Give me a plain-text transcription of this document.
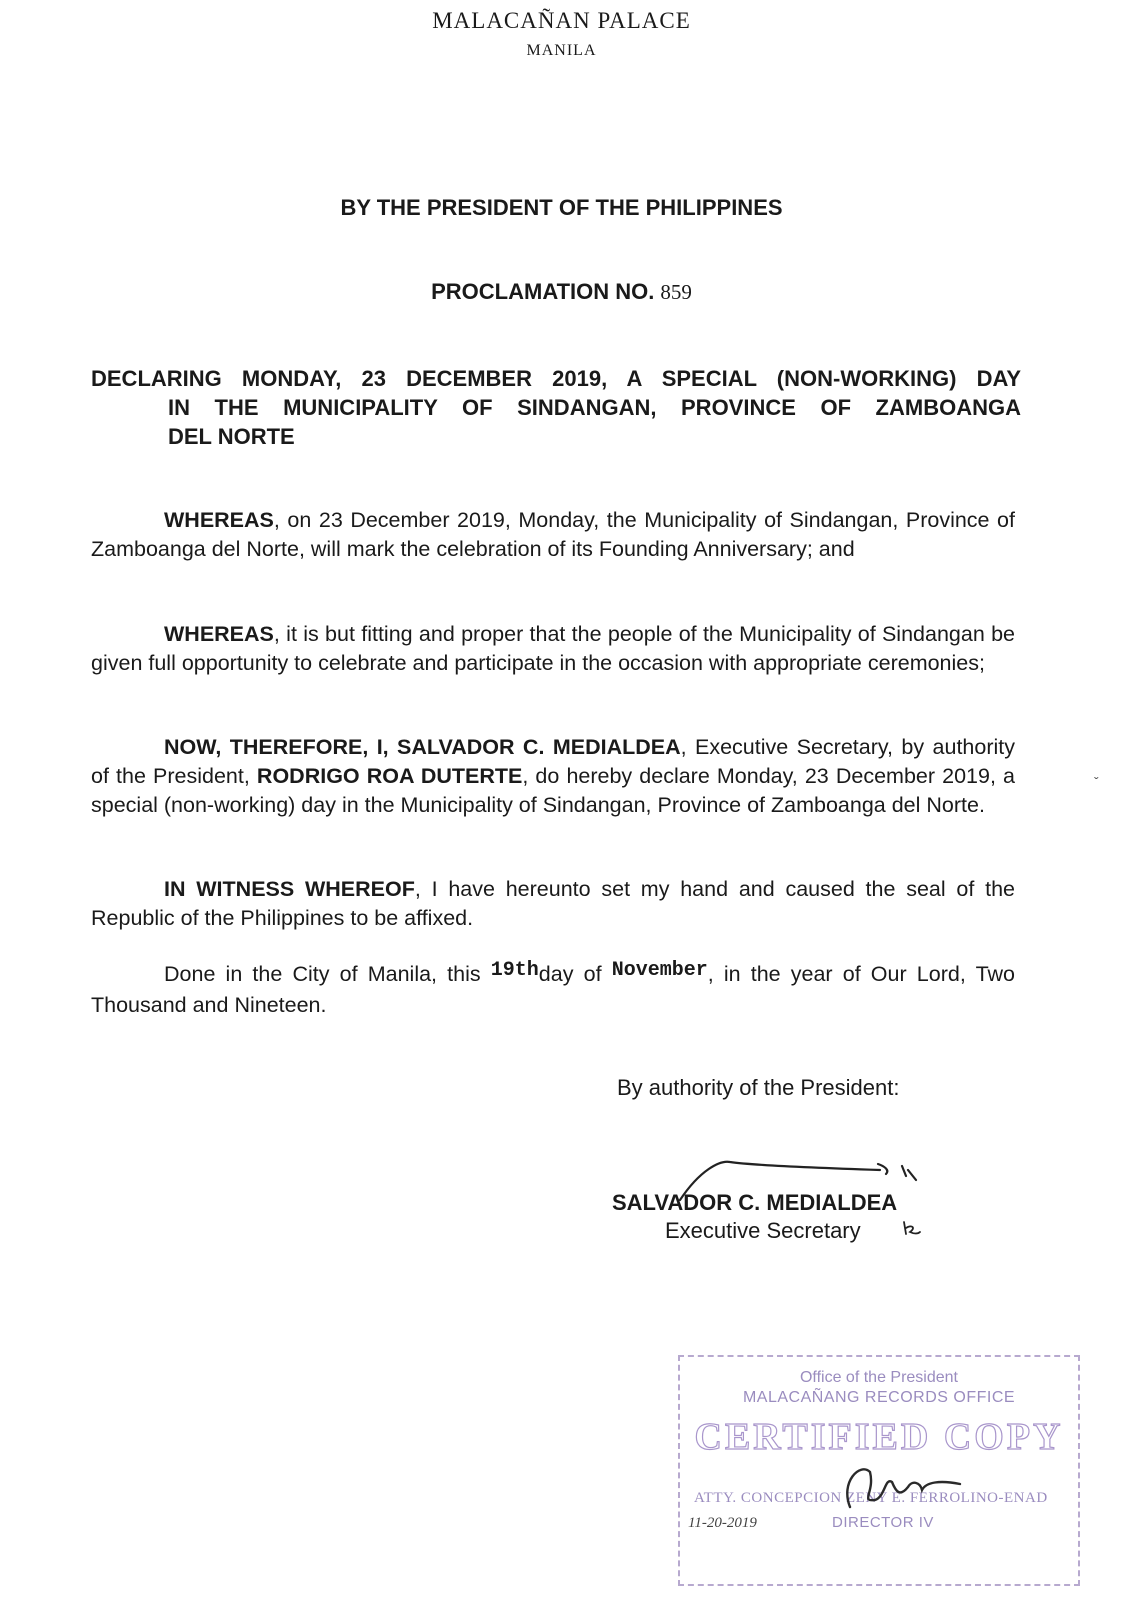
MALACAÑAN PALACE
MANILA
BY THE PRESIDENT OF THE PHILIPPINES
PROCLAMATION NO. 859
DECLARING MONDAY, 23 DECEMBER 2019, A SPECIAL (NON-WORKING) DAY
IN THE MUNICIPALITY OF SINDANGAN, PROVINCE OF ZAMBOANGA
DEL NORTE
WHEREAS, on 23 December 2019, Monday, the Municipality of Sindangan, Province of Zamboanga del Norte, will mark the celebration of its Founding Anniversary; and
WHEREAS, it is but fitting and proper that the people of the Municipality of Sindangan be given full opportunity to celebrate and participate in the occasion with appropriate ceremonies;
NOW, THEREFORE, I, SALVADOR C. MEDIALDEA, Executive Secretary, by authority of the President, RODRIGO ROA DUTERTE, do hereby declare Monday, 23 December 2019, a special (non-working) day in the Municipality of Sindangan, Province of Zamboanga del Norte.
IN WITNESS WHEREOF, I have hereunto set my hand and caused the seal of the Republic of the Philippines to be affixed.
Done in the City of Manila, this 19thday of November, in the year of Our Lord, Two Thousand and Nineteen.
By authority of the President:
SALVADOR C. MEDIALDEA
Executive Secretary
ˇ
Office of the President
MALACAÑANG RECORDS OFFICE
CERTIFIED COPY
ATTY. CONCEPCION ZENY E. FERROLINO-ENAD
DIRECTOR IV
11-20-2019
